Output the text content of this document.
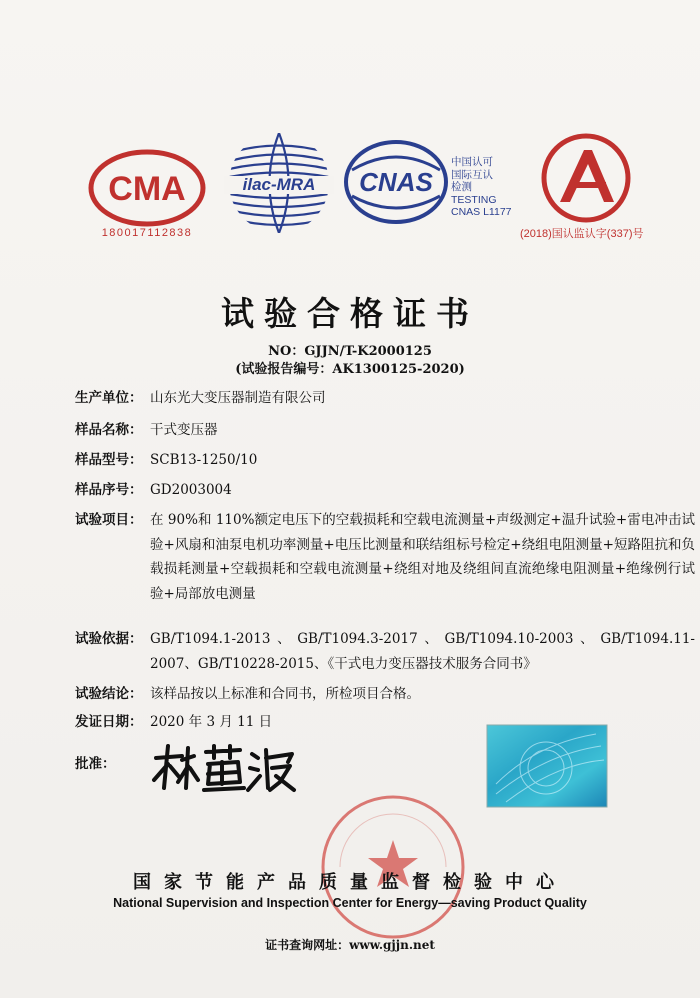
CMA
180017112838
ilac-MRA CNAS
中国认可
国际互认
检测
TESTING
CNAS L1177
(2018)国认监认字(337)号
试验合格证书
NO：GJJN/T-K2000125
(试验报告编号：AK1300125-2020)
生产单位： 山东光大变压器制造有限公司
样品名称： 干式变压器
样品型号： SCB13-1250/10
样品序号： GD2003004
试验项目： 在 90%和 110%额定电压下的空载损耗和空载电流测量+声级测定+温升试验+雷电冲击试验+风扇和油泵电机功率测量+电压比测量和联结组标号检定+绕组电阻测量+短路阻抗和负载损耗测量+空载损耗和空载电流测量+绕组对地及绕组间直流绝缘电阻测量+绝缘例行试验+局部放电测量
试验依据： GB/T1094.1-2013、GB/T1094.3-2017、GB/T1094.10-2003、GB/T1094.11-2007、GB/T10228-2015、《干式电力变压器技术服务合同书》
试验结论： 该样品按以上标准和合同书，所检项目合格。
发证日期： 2020 年 3 月 11 日
批准：
国家节能产品质量监督检验中心
National Supervision and Inspection Center for Energy—saving Product Quality
证书查询网址：www.gjjn.net
